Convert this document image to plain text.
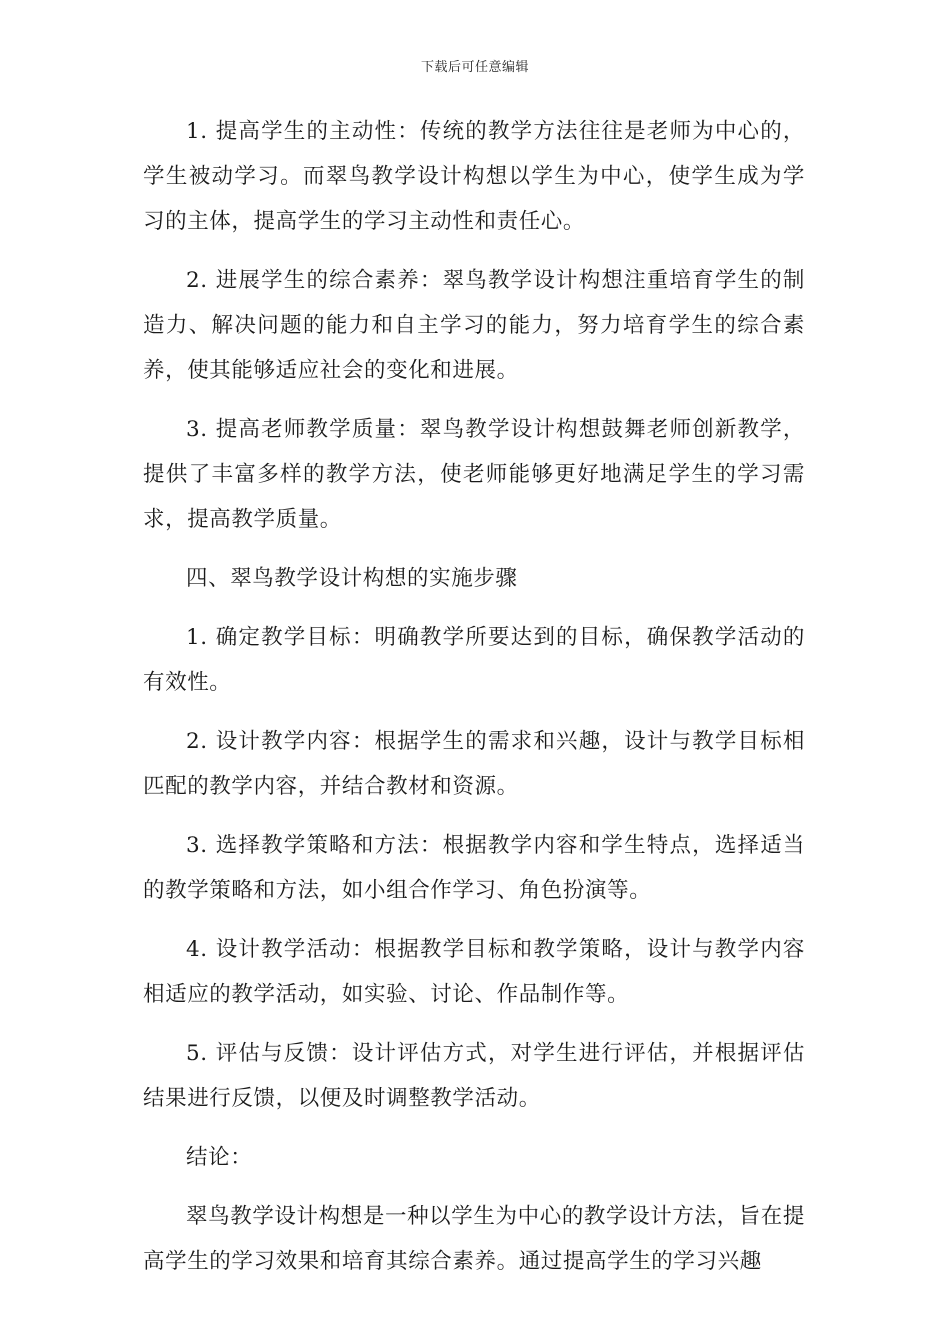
下载后可任意编辑

1. 提高学生的主动性：传统的教学方法往往是老师为中心的，学生被动学习。而翠鸟教学设计构想以学生为中心，使学生成为学习的主体，提高学生的学习主动性和责任心。

2. 进展学生的综合素养：翠鸟教学设计构想注重培育学生的制造力、解决问题的能力和自主学习的能力，努力培育学生的综合素养，使其能够适应社会的变化和进展。

3. 提高老师教学质量：翠鸟教学设计构想鼓舞老师创新教学，提供了丰富多样的教学方法，使老师能够更好地满足学生的学习需求，提高教学质量。

四、翠鸟教学设计构想的实施步骤

1. 确定教学目标：明确教学所要达到的目标，确保教学活动的有效性。

2. 设计教学内容：根据学生的需求和兴趣，设计与教学目标相匹配的教学内容，并结合教材和资源。

3. 选择教学策略和方法：根据教学内容和学生特点，选择适当的教学策略和方法，如小组合作学习、角色扮演等。

4. 设计教学活动：根据教学目标和教学策略，设计与教学内容相适应的教学活动，如实验、讨论、作品制作等。

5. 评估与反馈：设计评估方式，对学生进行评估，并根据评估结果进行反馈，以便及时调整教学活动。

结论：

翠鸟教学设计构想是一种以学生为中心的教学设计方法，旨在提高学生的学习效果和培育其综合素养。通过提高学生的学习兴趣
